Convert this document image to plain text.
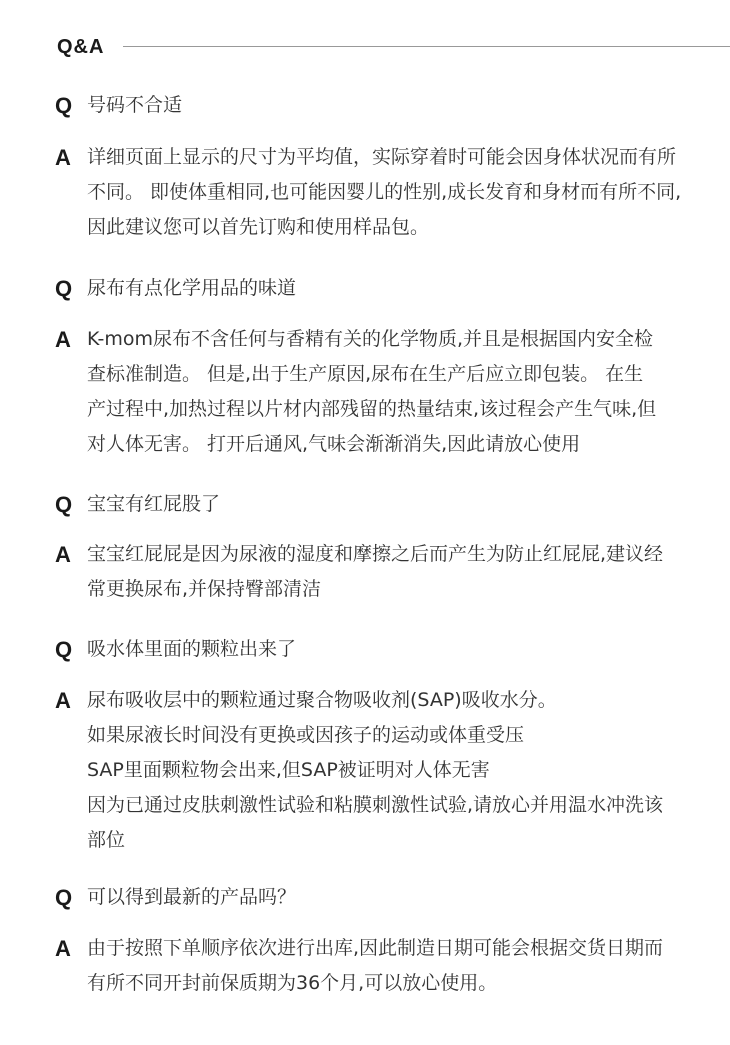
Q&A
Q 号码不合适
A 详细页面上显示的尺寸为平均值，实际穿着时可能会因身体状况而有所
不同。 即使体重相同,也可能因婴儿的性别,成长发育和身材而有所不同,
因此建议您可以首先订购和使用样品包。
Q 尿布有点化学用品的味道
A K-mom尿布不含任何与香精有关的化学物质,并且是根据国内安全检
查标准制造。 但是,出于生产原因,尿布在生产后应立即包装。 在生
产过程中,加热过程以片材内部残留的热量结束,该过程会产生气味,但
对人体无害。 打开后通风,气味会渐渐消失,因此请放心使用
Q 宝宝有红屁股了
A 宝宝红屁屁是因为尿液的湿度和摩擦之后而产生为防止红屁屁,建议经
常更换尿布,并保持臀部清洁
Q 吸水体里面的颗粒出来了
A 尿布吸收层中的颗粒通过聚合物吸收剂(SAP)吸收水分。
如果尿液长时间没有更换或因孩子的运动或体重受压
SAP里面颗粒物会出来,但SAP被证明对人体无害
因为已通过皮肤刺激性试验和粘膜刺激性试验,请放心并用温水冲洗该
部位
Q 可以得到最新的产品吗？
A 由于按照下单顺序依次进行出库,因此制造日期可能会根据交货日期而
有所不同开封前保质期为36个月,可以放心使用。
